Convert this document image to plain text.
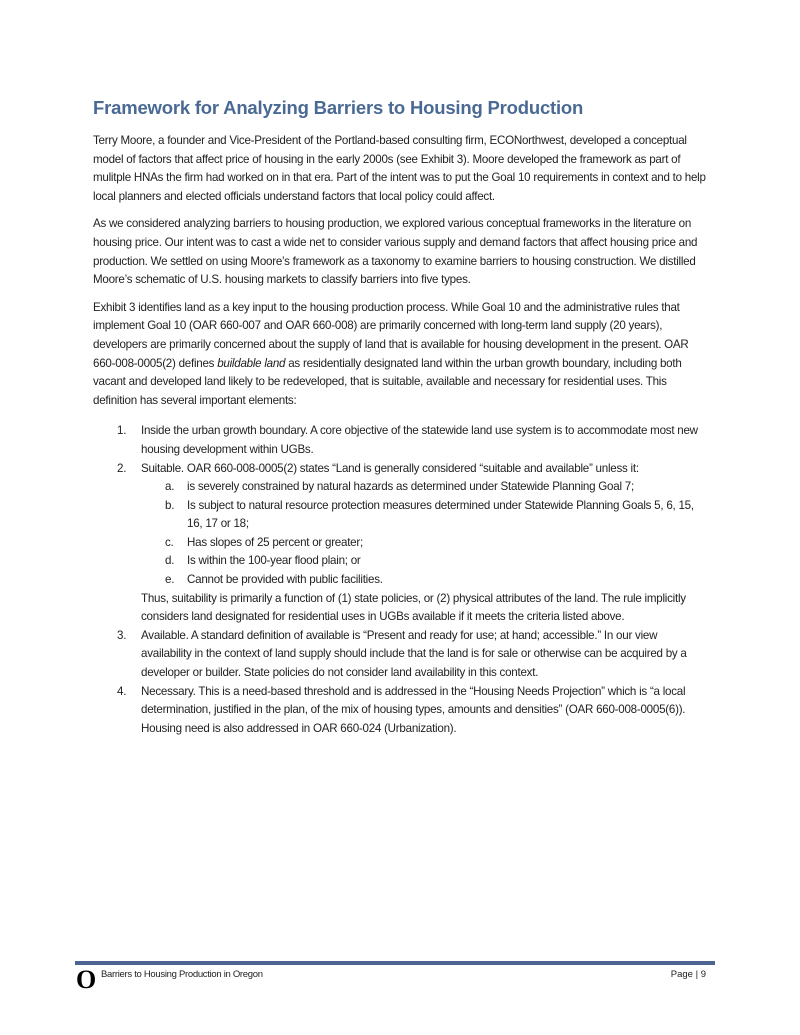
Framework for Analyzing Barriers to Housing Production

Terry Moore, a founder and Vice-President of the Portland-based consulting firm, ECONorthwest, developed a conceptual model of factors that affect price of housing in the early 2000s (see Exhibit 3). Moore developed the framework as part of mulitple HNAs the firm had worked on in that era. Part of the intent was to put the Goal 10 requirements in context and to help local planners and elected officials understand factors that local policy could affect.

As we considered analyzing barriers to housing production, we explored various conceptual frameworks in the literature on housing price. Our intent was to cast a wide net to consider various supply and demand factors that affect housing price and production. We settled on using Moore’s framework as a taxonomy to examine barriers to housing construction. We distilled Moore’s schematic of U.S. housing markets to classify barriers into five types.

Exhibit 3 identifies land as a key input to the housing production process. While Goal 10 and the administrative rules that implement Goal 10 (OAR 660-007 and OAR 660-008) are primarily concerned with long-term land supply (20 years), developers are primarily concerned about the supply of land that is available for housing development in the present. OAR 660-008-0005(2) defines buildable land as residentially designated land within the urban growth boundary, including both vacant and developed land likely to be redeveloped, that is suitable, available and necessary for residential uses. This definition has several important elements:

1. Inside the urban growth boundary. A core objective of the statewide land use system is to accommodate most new housing development within UGBs.
2. Suitable. OAR 660-008-0005(2) states “Land is generally considered “suitable and available” unless it:
a. is severely constrained by natural hazards as determined under Statewide Planning Goal 7;
b. Is subject to natural resource protection measures determined under Statewide Planning Goals 5, 6, 15, 16, 17 or 18;
c. Has slopes of 25 percent or greater;
d. Is within the 100-year flood plain; or
e. Cannot be provided with public facilities.
Thus, suitability is primarily a function of (1) state policies, or (2) physical attributes of the land. The rule implicitly considers land designated for residential uses in UGBs available if it meets the criteria listed above.
3. Available. A standard definition of available is “Present and ready for use; at hand; accessible.” In our view availability in the context of land supply should include that the land is for sale or otherwise can be acquired by a developer or builder. State policies do not consider land availability in this context.
4. Necessary. This is a need-based threshold and is addressed in the “Housing Needs Projection” which is “a local determination, justified in the plan, of the mix of housing types, amounts and densities” (OAR 660-008-0005(6)). Housing need is also addressed in OAR 660-024 (Urbanization).
O Barriers to Housing Production in Oregon	Page | 9
